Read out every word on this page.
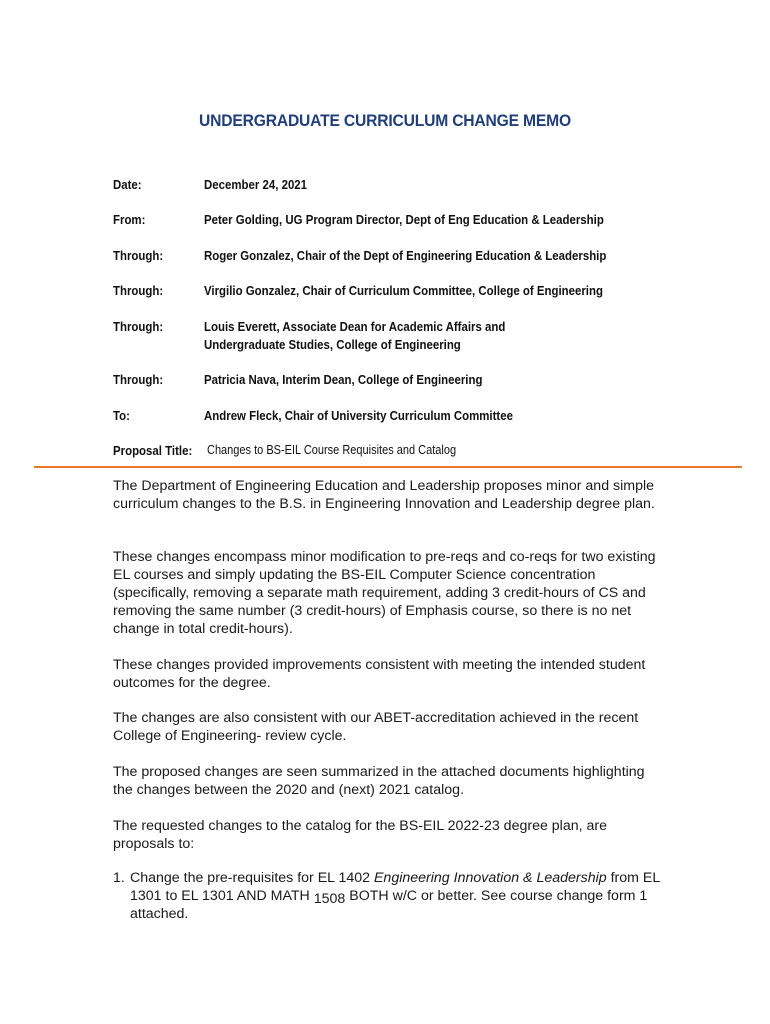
UNDERGRADUATE CURRICULUM CHANGE MEMO
Date:	December 24, 2021
From:	Peter Golding, UG Program Director, Dept of Eng Education & Leadership
Through:	Roger Gonzalez, Chair of the Dept of Engineering Education & Leadership
Through:	Virgilio Gonzalez, Chair of Curriculum Committee, College of Engineering
Through:	Louis Everett, Associate Dean for Academic Affairs and
Undergraduate Studies, College of Engineering
Through:	Patricia Nava, Interim Dean, College of Engineering
To:	Andrew Fleck, Chair of University Curriculum Committee
Proposal Title: Changes to BS-EIL Course Requisites and Catalog

The Department of Engineering Education and Leadership proposes minor and simple curriculum changes to the B.S. in Engineering Innovation and Leadership degree plan.

These changes encompass minor modification to pre-reqs and co-reqs for two existing EL courses and simply updating the BS-EIL Computer Science concentration (specifically, removing a separate math requirement, adding 3 credit-hours of CS and removing the same number (3 credit-hours) of Emphasis course, so there is no net change in total credit-hours).

These changes provided improvements consistent with meeting the intended student outcomes for the degree.

The changes are also consistent with our ABET-accreditation achieved in the recent College of Engineering- review cycle.

The proposed changes are seen summarized in the attached documents highlighting the changes between the 2020 and (next) 2021 catalog.

The requested changes to the catalog for the BS-EIL 2022-23 degree plan, are proposals to:

1. Change the pre-requisites for EL 1402 Engineering Innovation & Leadership from EL 1301 to EL 1301 AND MATH 1508 BOTH w/C or better. See course change form 1 attached.
